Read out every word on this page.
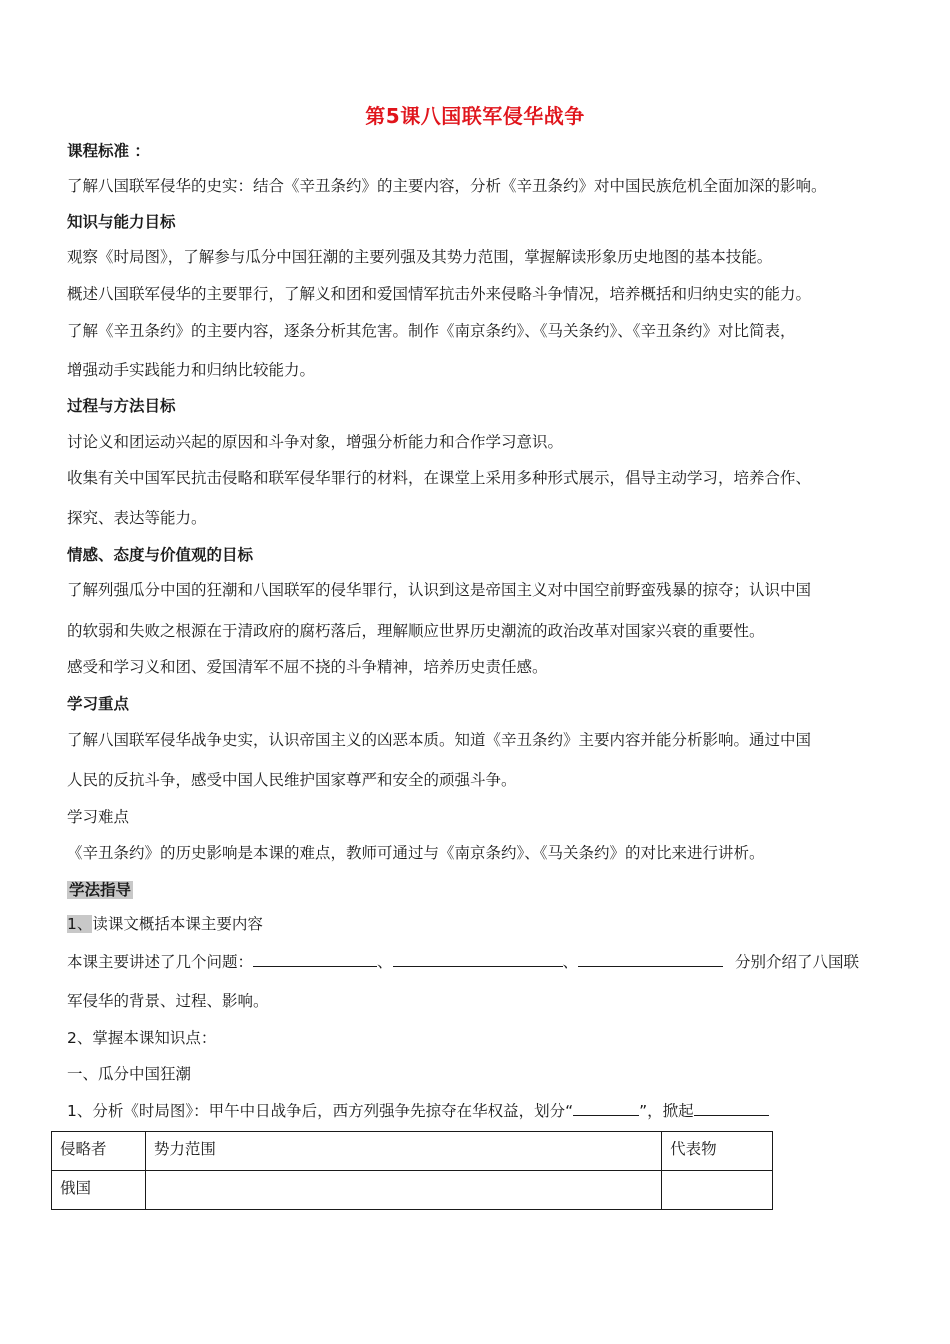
第5课八国联军侵华战争
课程标准 ：
了解八国联军侵华的史实：结合《辛丑条约》的主要内容，分析《辛丑条约》对中国民族危机全面加深的影响。
知识与能力目标
观察《时局图》，了解参与瓜分中国狂潮的主要列强及其势力范围，掌握解读形象历史地图的基本技能。
概述八国联军侵华的主要罪行，了解义和团和爱国情军抗击外来侵略斗争情况，培养概括和归纳史实的能力。
了解《辛丑条约》的主要内容，逐条分析其危害。制作《南京条约》、《马关条约》、《辛丑条约》对比简表，
增强动手实践能力和归纳比较能力。
过程与方法目标
讨论义和团运动兴起的原因和斗争对象，增强分析能力和合作学习意识。
收集有关中国军民抗击侵略和联军侵华罪行的材料，在课堂上采用多种形式展示，倡导主动学习，培养合作、
探究、表达等能力。
情感、态度与价值观的目标
了解列强瓜分中国的狂潮和八国联军的侵华罪行，认识到这是帝国主义对中国空前野蛮残暴的掠夺；认识中国
的软弱和失败之根源在于清政府的腐朽落后，理解顺应世界历史潮流的政治改革对国家兴衰的重要性。
感受和学习义和团、爱国清军不屈不挠的斗争精神，培养历史责任感。
学习重点
了解八国联军侵华战争史实，认识帝国主义的凶恶本质。知道《辛丑条约》主要内容并能分析影响。通过中国
人民的反抗斗争，感受中国人民维护国家尊严和安全的顽强斗争。
学习难点
《辛丑条约》的历史影响是本课的难点，教师可通过与《南京条约》、《马关条约》的对比来进行讲析。
学法指导
1、读课文概括本课主要内容
本课主要讲述了几个问题：	、	、	分别介绍了八国联
军侵华的背景、过程、影响。
2、掌握本课知识点：
一、瓜分中国狂潮
1、分析《时局图》：甲午中日战争后，西方列强争先掠夺在华权益，划分“	”，掀起
侵略者	势力范围	代表物
俄国		
